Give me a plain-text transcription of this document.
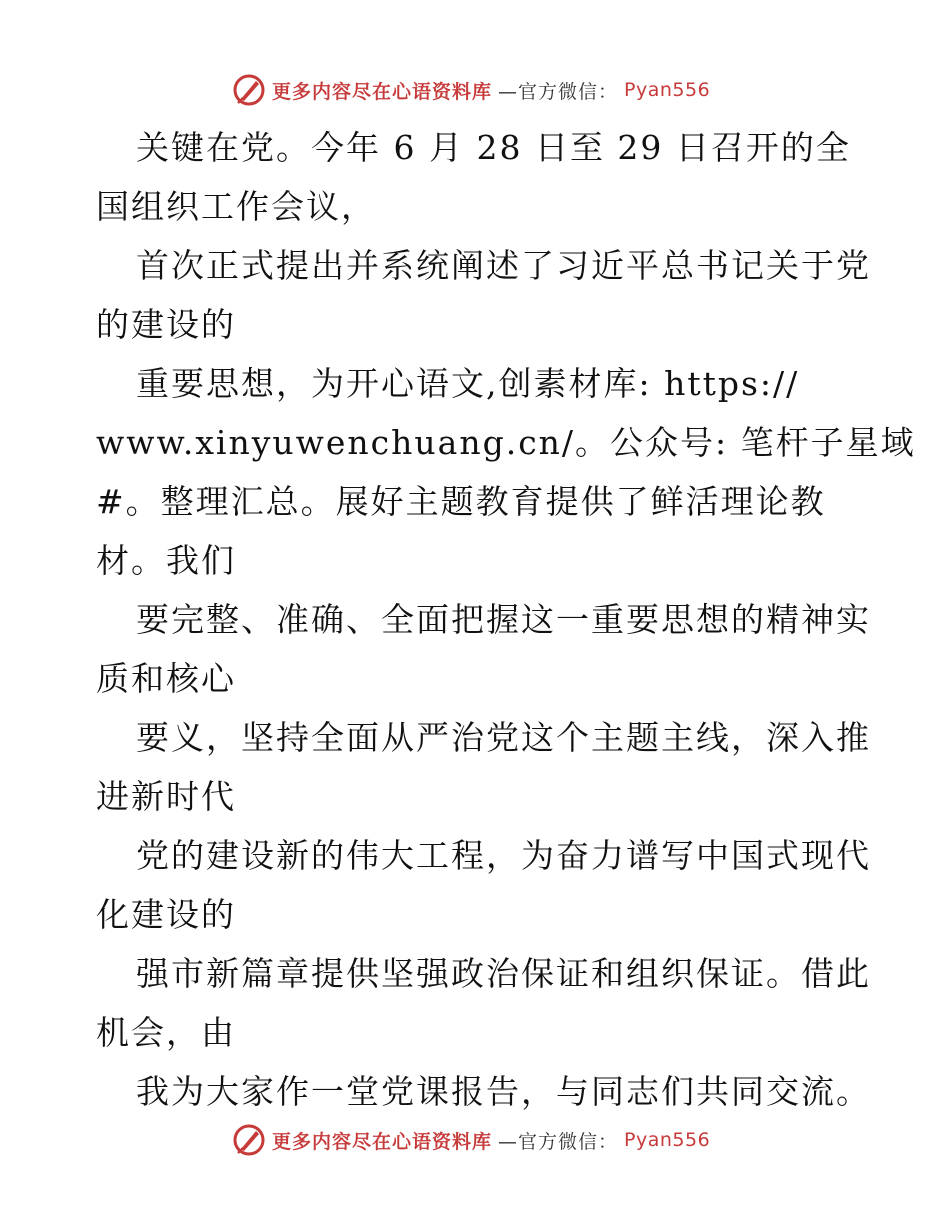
更多内容尽在心语资料库 —官方微信： Pyan556
关键在党。今年 6 月 28 日至 29 日召开的全
国组织工作会议，
首次正式提出并系统阐述了习近平总书记关于党
的建设的
重要思想，为开心语文,创素材库: https://
www.xinyuwenchuang.cn/。公众号: 笔杆子星域
#。整理汇总。展好主题教育提供了鲜活理论教
材。我们
要完整、准确、全面把握这一重要思想的精神实
质和核心
要义，坚持全面从严治党这个主题主线，深入推
进新时代
党的建设新的伟大工程，为奋力谱写中国式现代
化建设的
强市新篇章提供坚强政治保证和组织保证。借此
机会，由
我为大家作一堂党课报告，与同志们共同交流。
更多内容尽在心语资料库 —官方微信： Pyan556
